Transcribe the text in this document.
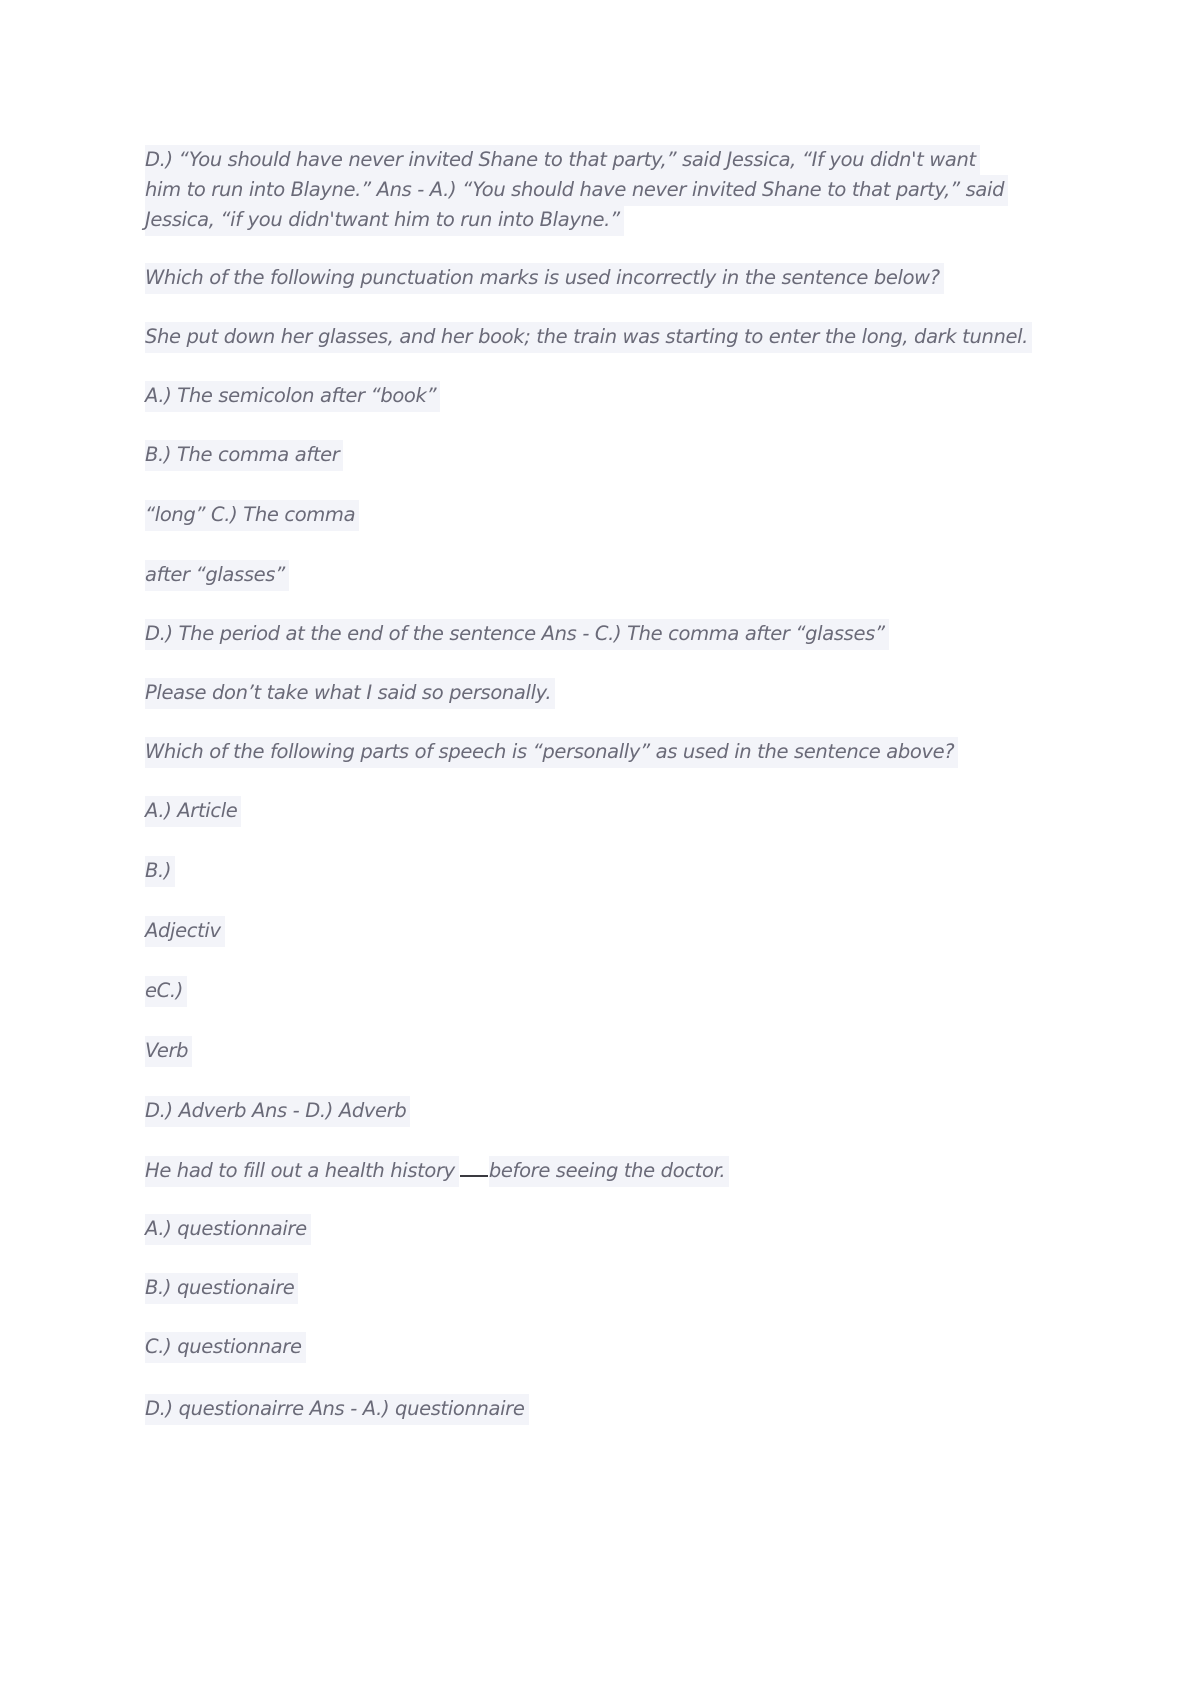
D.) “You should have never invited Shane to that party,” said Jessica, “If you didn't want
him to run into Blayne.” Ans - A.) “You should have never invited Shane to that party,” said
Jessica, “if you didn'twant him to run into Blayne.”
Which of the following punctuation marks is used incorrectly in the sentence below?
She put down her glasses, and her book; the train was starting to enter the long, dark tunnel.
A.) The semicolon after “book”
B.) The comma after
“long” C.) The comma
after “glasses”
D.) The period at the end of the sentence Ans - C.) The comma after “glasses”
Please don’t take what I said so personally.
Which of the following parts of speech is “personally” as used in the sentence above?
A.) Article
B.)
Adjectiv
eC.)
Verb
D.) Adverb Ans - D.) Adverb
He had to fill out a health history before seeing the doctor.
A.) questionnaire
B.) questionaire
C.) questionnare
D.) questionairre Ans - A.) questionnaire
